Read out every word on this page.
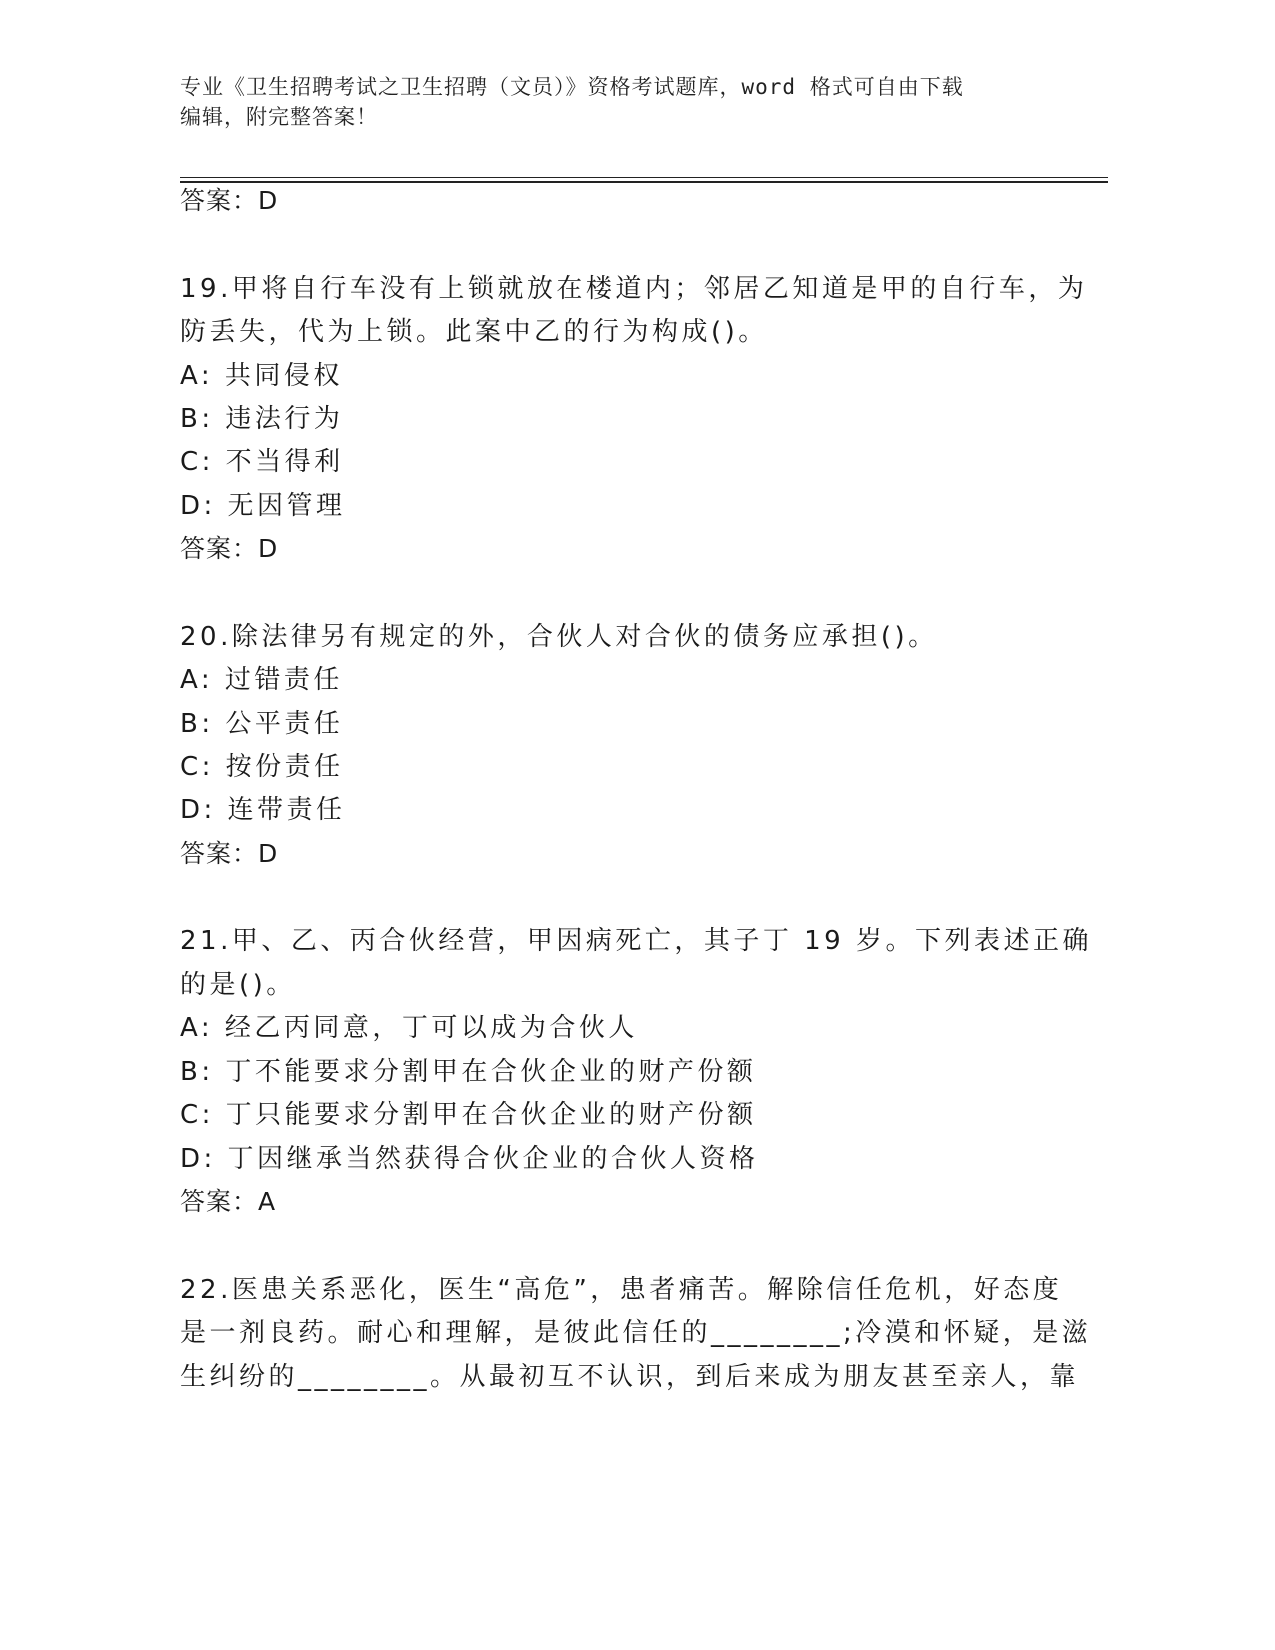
专业《卫生招聘考试之卫生招聘（文员）》资格考试题库，word 格式可自由下载
编辑，附完整答案！
答案：D
19.甲将自行车没有上锁就放在楼道内；邻居乙知道是甲的自行车，为
防丢失，代为上锁。此案中乙的行为构成()。
A: 共同侵权
B: 违法行为
C: 不当得利
D: 无因管理
答案：D
20.除法律另有规定的外，合伙人对合伙的债务应承担()。
A: 过错责任
B: 公平责任
C: 按份责任
D: 连带责任
答案：D
21.甲、乙、丙合伙经营，甲因病死亡，其子丁 19 岁。下列表述正确
的是()。
A: 经乙丙同意，丁可以成为合伙人
B: 丁不能要求分割甲在合伙企业的财产份额
C: 丁只能要求分割甲在合伙企业的财产份额
D: 丁因继承当然获得合伙企业的合伙人资格
答案：A
22.医患关系恶化，医生“高危”，患者痛苦。解除信任危机，好态度
是一剂良药。耐心和理解，是彼此信任的________;冷漠和怀疑，是滋
生纠纷的________。从最初互不认识，到后来成为朋友甚至亲人，靠
